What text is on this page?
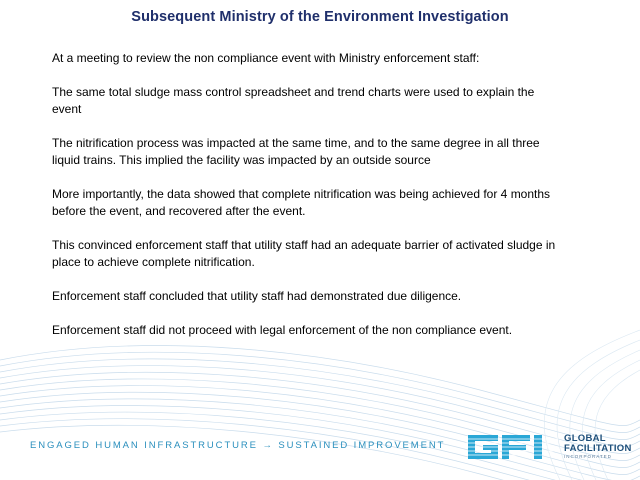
Subsequent Ministry of the Environment Investigation

At a meeting to review the non compliance event with Ministry enforcement staff:

The same total sludge mass control spreadsheet and trend charts were used to explain the event

The nitrification process was impacted at the same time, and to the same degree in all three liquid trains. This implied the facility was impacted by an outside source

More importantly, the data showed that complete nitrification was being achieved for 4 months before the event, and recovered after the event.

This convinced enforcement staff that utility staff had an adequate barrier of activated sludge in place to achieve complete nitrification.

Enforcement staff concluded that utility staff had demonstrated due diligence.

Enforcement staff did not proceed with legal enforcement of the non compliance event.

ENGAGED HUMAN INFRASTRUCTURE → SUSTAINED IMPROVEMENT
GLOBAL
FACILITATION
INCORPORATED
